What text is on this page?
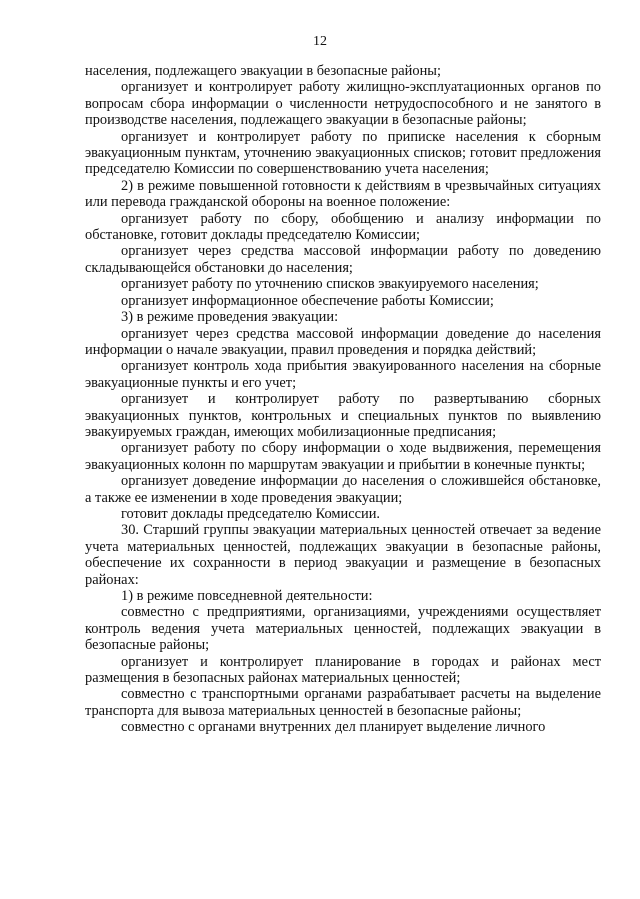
12

населения, подлежащего эвакуации в безопасные районы;

организует и контролирует работу жилищно-эксплуатационных органов по вопросам сбора информации о численности нетрудоспособного и не занятого в производстве населения, подлежащего эвакуации в безопасные районы;

организует и контролирует работу по приписке населения к сборным эвакуационным пунктам, уточнению эвакуационных списков; готовит предложения председателю Комиссии по совершенствованию учета населения;

2) в режиме повышенной готовности к действиям в чрезвычайных ситуациях или перевода гражданской обороны на военное положение:

организует работу по сбору, обобщению и анализу информации по обстановке, готовит доклады председателю Комиссии;

организует через средства массовой информации работу по доведению складывающейся обстановки до населения;

организует работу по уточнению списков эвакуируемого населения;

организует информационное обеспечение работы Комиссии;

3) в режиме проведения эвакуации:

организует через средства массовой информации доведение до населения информации о начале эвакуации, правил проведения и порядка действий;

организует контроль хода прибытия эвакуированного населения на сборные эвакуационные пункты и его учет;

организует и контролирует работу по развертыванию сборных эвакуационных пунктов, контрольных и специальных пунктов по выявлению эвакуируемых граждан, имеющих мобилизационные предписания;

организует работу по сбору информации о ходе выдвижения, перемещения эвакуационных колонн по маршрутам эвакуации и прибытии в конечные пункты;

организует доведение информации до населения о сложившейся обстановке, а также ее изменении в ходе проведения эвакуации;

готовит доклады председателю Комиссии.

30. Старший группы эвакуации материальных ценностей отвечает за ведение учета материальных ценностей, подлежащих эвакуации в безопасные районы, обеспечение их сохранности в период эвакуации и размещение в безопасных районах:

1) в режиме повседневной деятельности:

совместно с предприятиями, организациями, учреждениями осуществляет контроль ведения учета материальных ценностей, подлежащих эвакуации в безопасные районы;

организует и контролирует планирование в городах и районах мест размещения в безопасных районах материальных ценностей;

совместно с транспортными органами разрабатывает расчеты на выделение транспорта для вывоза материальных ценностей в безопасные районы;

совместно с органами внутренних дел планирует выделение личного
